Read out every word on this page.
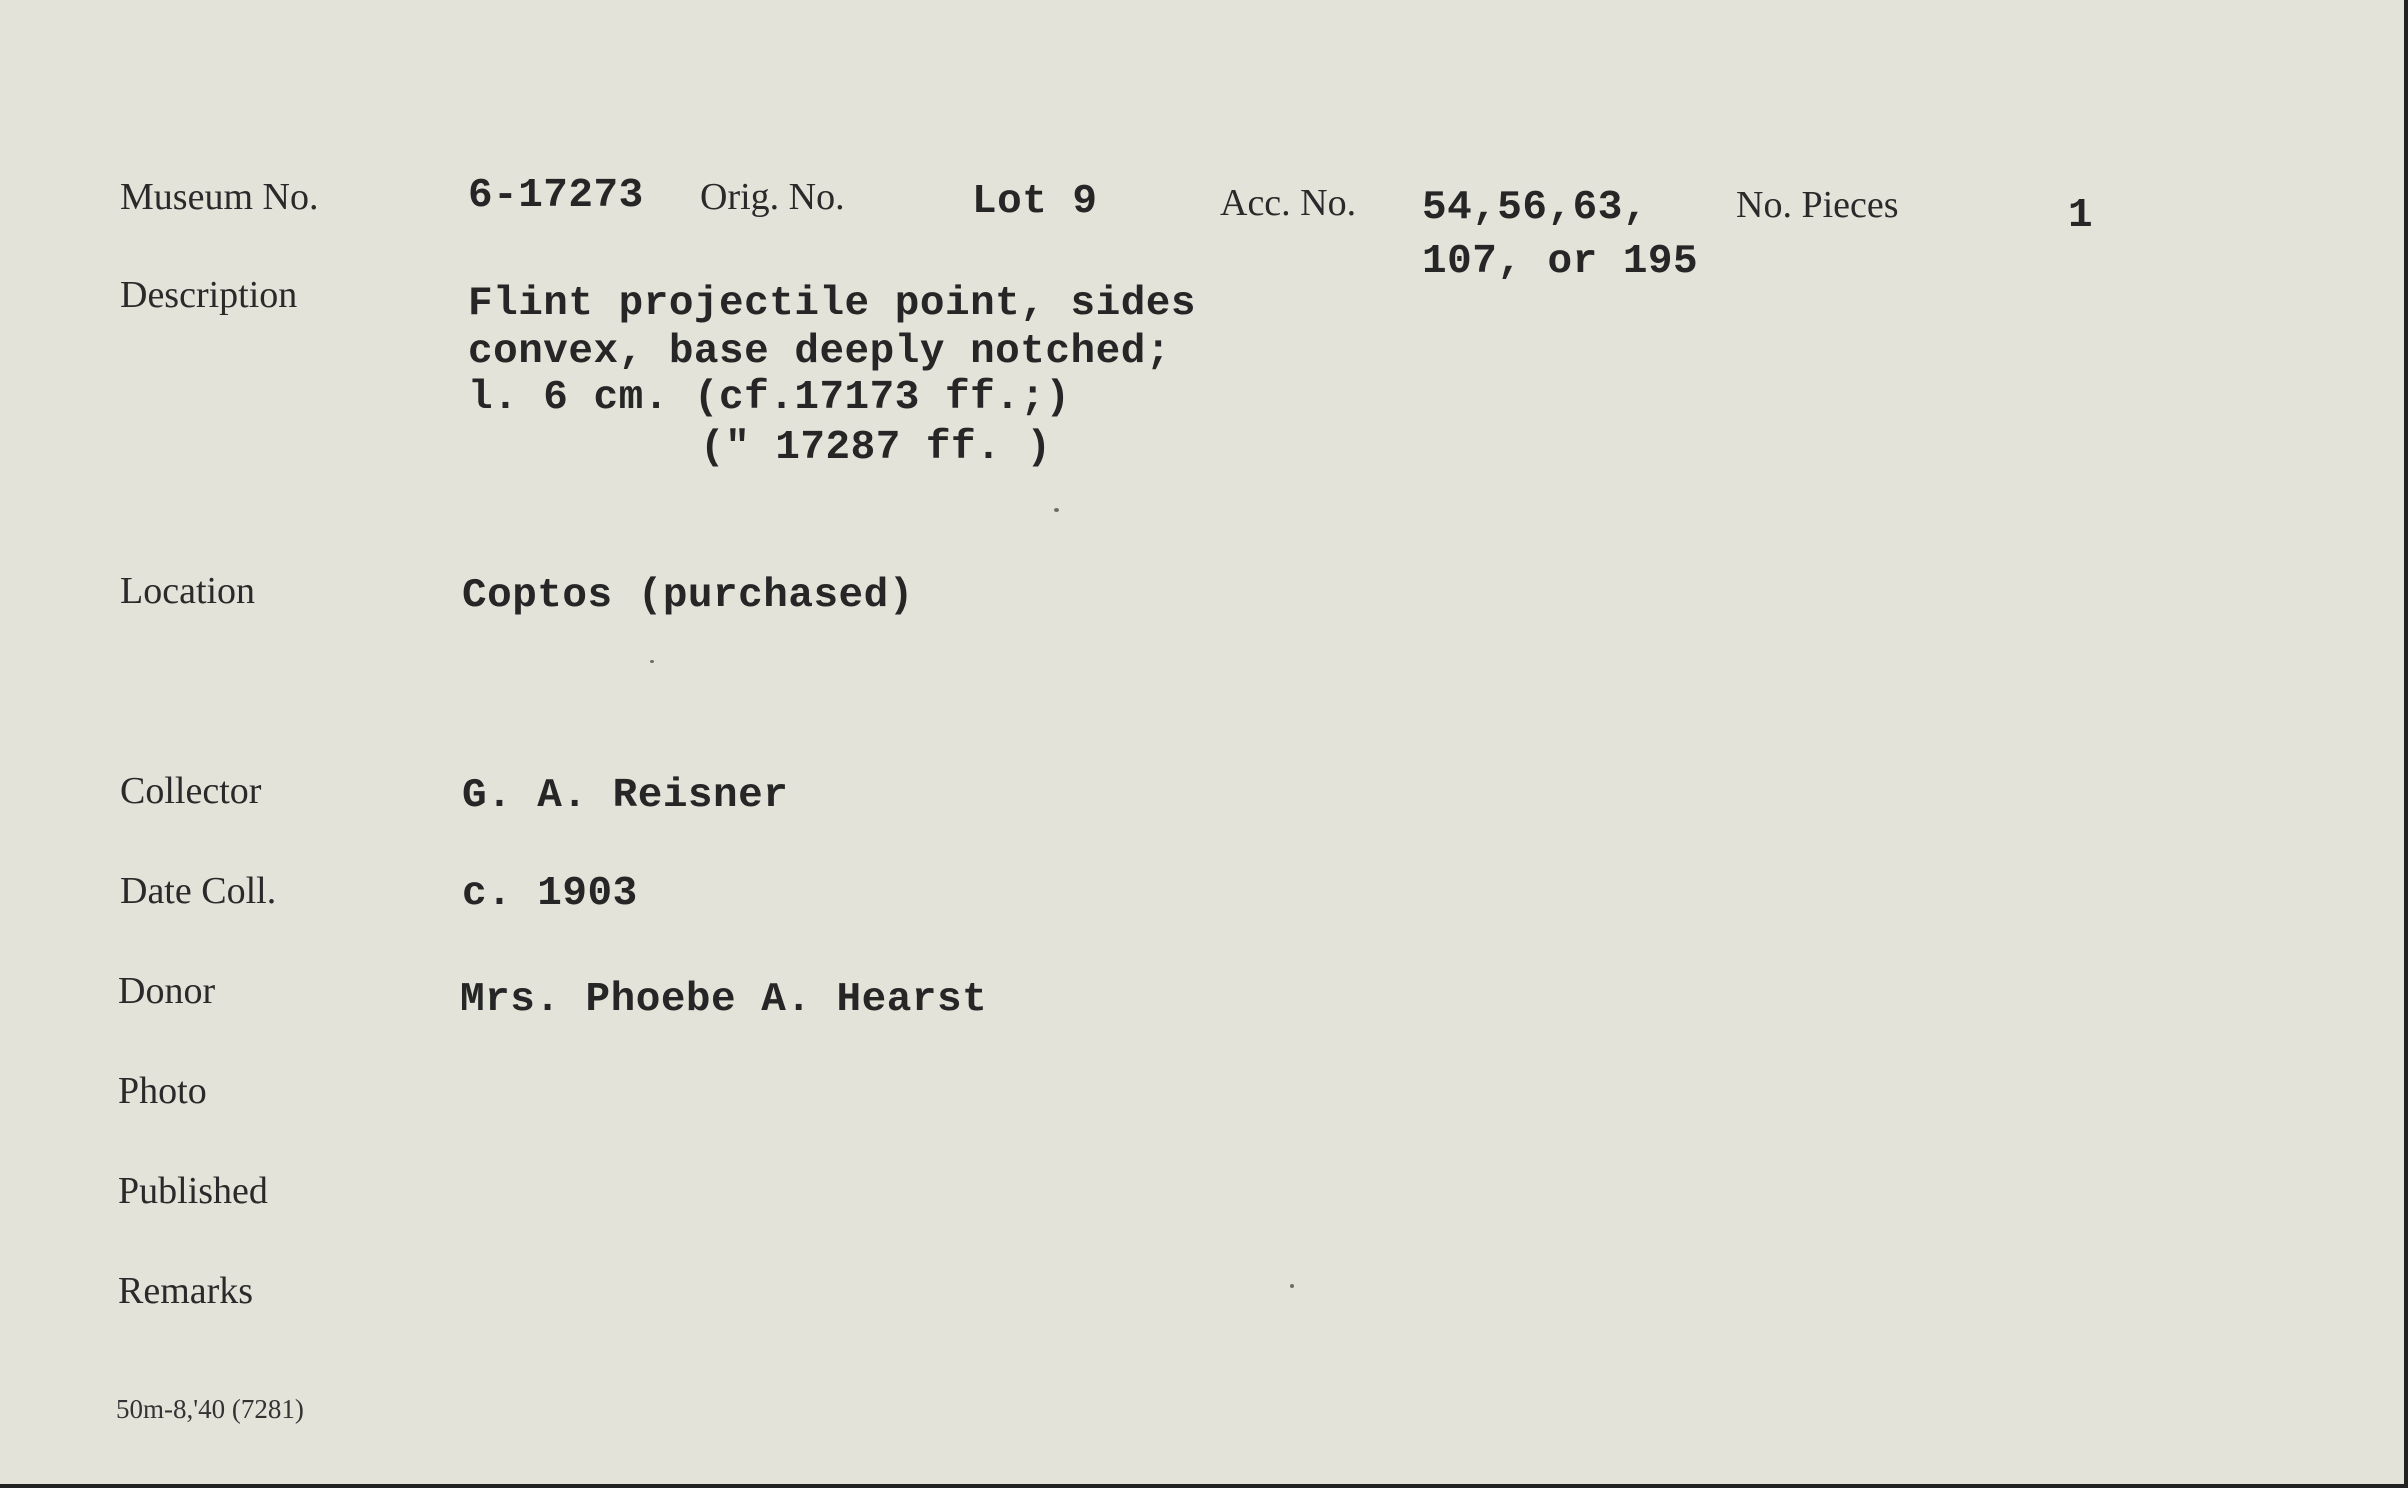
Museum No.	6-17273 Orig. No.	Lot 9	Acc. No. 54,56,63,
107, or 195
No. Pieces	1
Description	Flint projectile point, sides
convex, base deeply notched;
l. 6 cm. (cf.17173 ff.;)
(" 17287 ff. )
Location	Coptos (purchased)
Collector	G. A. Reisner
Date Coll.	c. 1903
Donor	Mrs. Phoebe A. Hearst
Photo
Published
Remarks
50m-8,'40 (7281)
